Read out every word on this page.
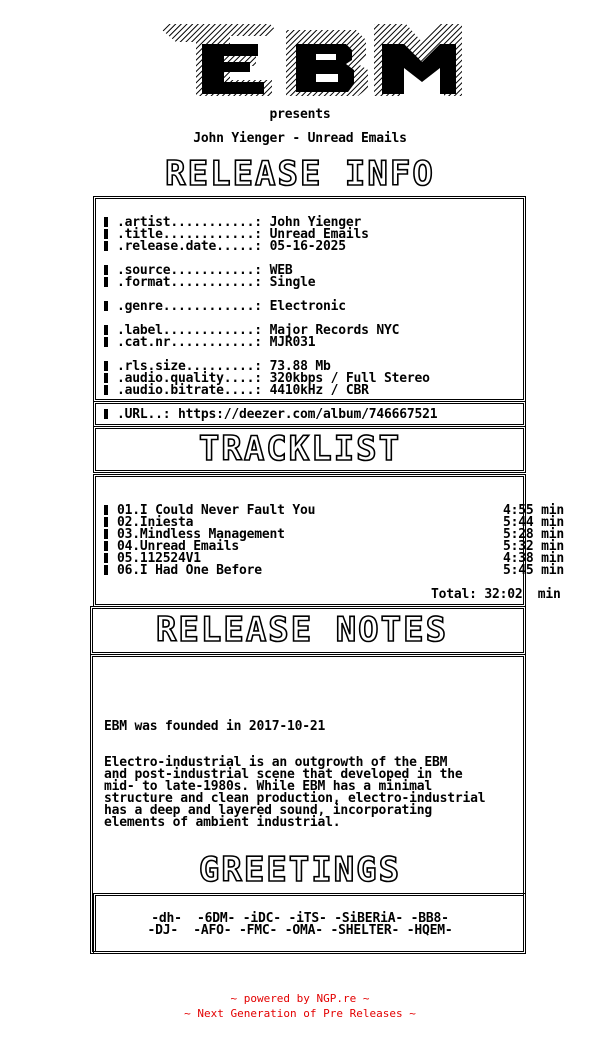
presents
John Yienger - Unread Emails
RELEASE INFO
.artist...........: John Yienger
.title............: Unread Emails
.release.date.....: 05-16-2025
.source...........: WEB
.format...........: Single
.genre............: Electronic
.label............: Major Records NYC
.cat.nr...........: MJR031
.rls.size.........: 73.88 Mb
.audio.quality....: 320kbps / Full Stereo
.audio.bitrate....: 4410kHz / CBR
.URL..: https://deezer.com/album/746667521
TRACKLIST
01.I Could Never Fault You	4:55 min
02.Iniesta	5:44 min
03.Mindless Management	5:28 min
04.Unread Emails	5:32 min
05.112524V1	4:38 min
06.I Had One Before	5:45 min
Total: 32:02  min
RELEASE NOTES
EBM was founded in 2017-10-21
Electro-industrial is an outgrowth of the EBM
and post-industrial scene that developed in the
mid- to late-1980s. While EBM has a minimal
structure and clean production, electro-industrial
has a deep and layered sound, incorporating
elements of ambient industrial.
GREETINGS
-dh-  -6DM- -iDC- -iTS- -SiBERiA- -BB8-
-DJ-  -AFO- -FMC- -OMA- -SHELTER- -HQEM-
~ powered by NGP.re ~
~ Next Generation of Pre Releases ~
